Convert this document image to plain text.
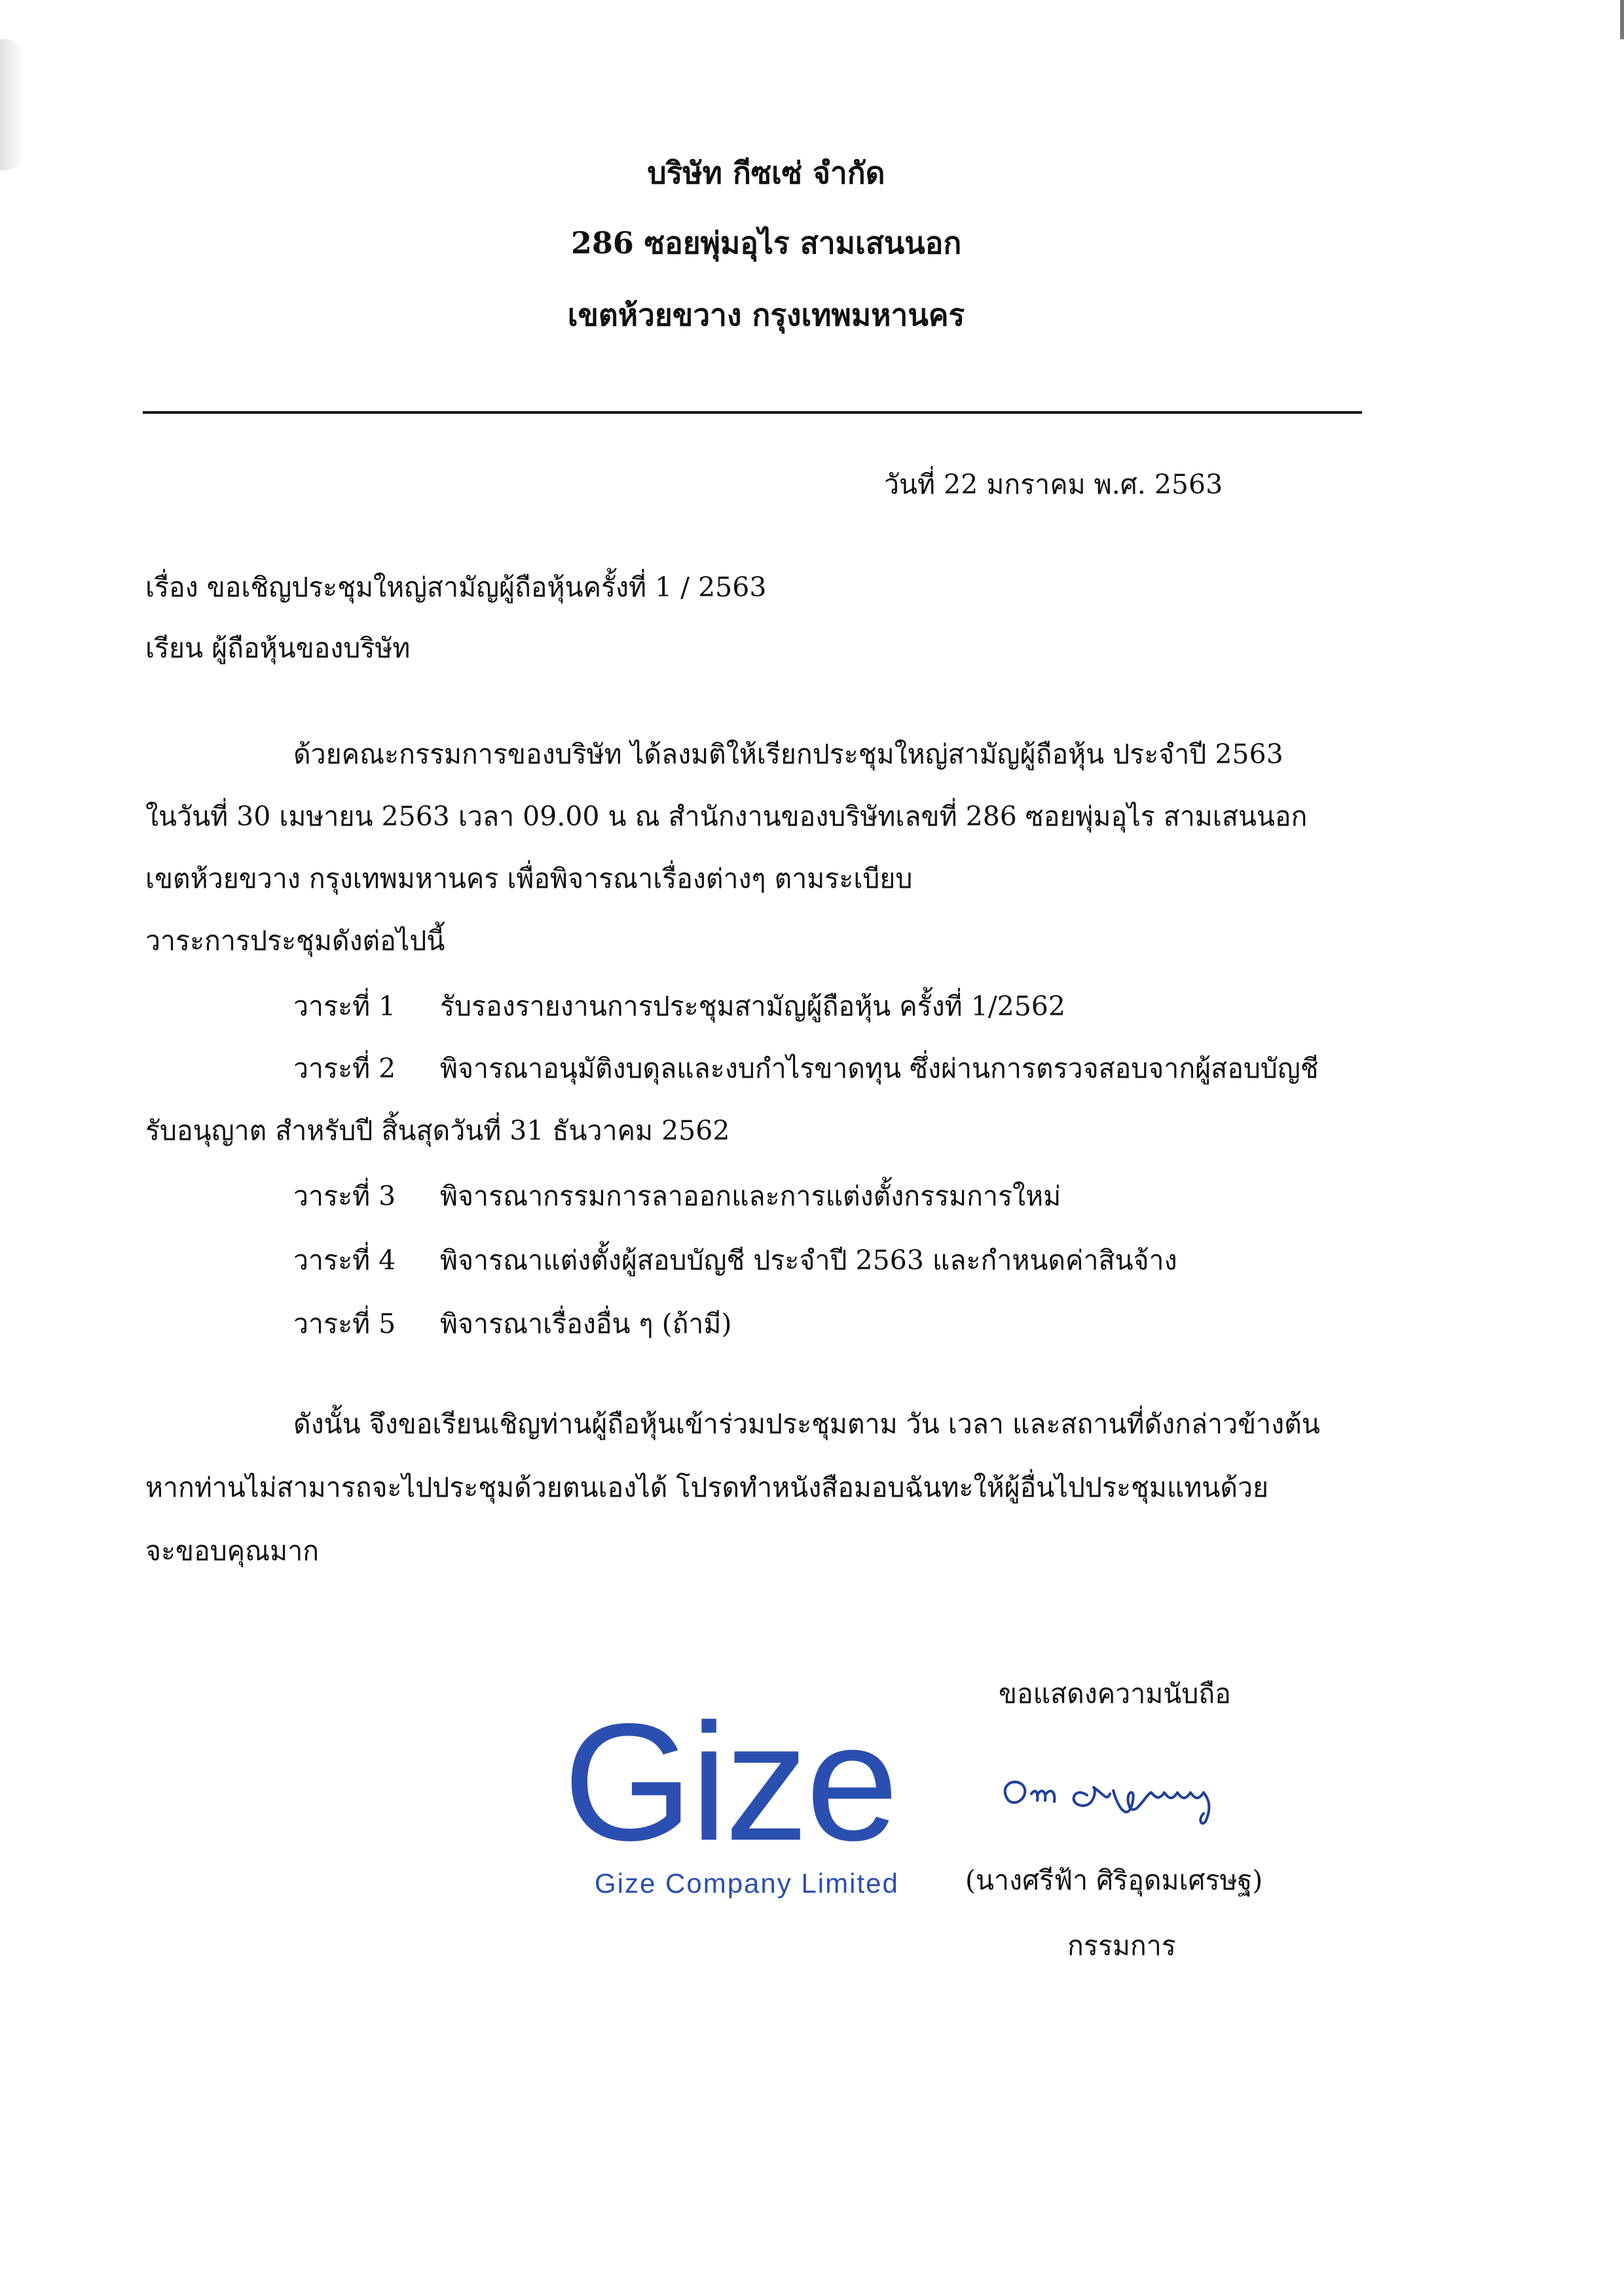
บริษัท กีซเซ่ จำกัด
286 ซอยพุ่มอุไร สามเสนนอก
เขตห้วยขวาง กรุงเทพมหานคร
วันที่ 22 มกราคม พ.ศ. 2563
เรื่อง ขอเชิญประชุมใหญ่สามัญผู้ถือหุ้นครั้งที่ 1 / 2563
เรียน ผู้ถือหุ้นของบริษัท
ด้วยคณะกรรมการของบริษัท ได้ลงมติให้เรียกประชุมใหญ่สามัญผู้ถือหุ้น ประจำปี 2563
ในวันที่ 30 เมษายน 2563 เวลา 09.00 น ณ สำนักงานของบริษัทเลขที่ 286 ซอยพุ่มอุไร สามเสนนอก
เขตห้วยขวาง กรุงเทพมหานคร เพื่อพิจารณาเรื่องต่างๆ ตามระเบียบ
วาระการประชุมดังต่อไปนี้
วาระที่ 1 รับรองรายงานการประชุมสามัญผู้ถือหุ้น ครั้งที่ 1/2562
วาระที่ 2 พิจารณาอนุมัติงบดุลและงบกำไรขาดทุน ซึ่งผ่านการตรวจสอบจากผู้สอบบัญชี
รับอนุญาต สำหรับปี สิ้นสุดวันที่ 31 ธันวาคม 2562
วาระที่ 3 พิจารณากรรมการลาออกและการแต่งตั้งกรรมการใหม่
วาระที่ 4 พิจารณาแต่งตั้งผู้สอบบัญชี ประจำปี 2563 และกำหนดค่าสินจ้าง
วาระที่ 5 พิจารณาเรื่องอื่น ๆ (ถ้ามี)
ดังนั้น จึงขอเรียนเชิญท่านผู้ถือหุ้นเข้าร่วมประชุมตาม วัน เวลา และสถานที่ดังกล่าวข้างต้น
หากท่านไม่สามารถจะไปประชุมด้วยตนเองได้ โปรดทำหนังสือมอบฉันทะให้ผู้อื่นไปประชุมแทนด้วย
จะขอบคุณมาก
ขอแสดงความนับถือ
(นางศรีฟ้า ศิริอุดมเศรษฐ)
กรรมการ
Gize
Gize Company Limited
